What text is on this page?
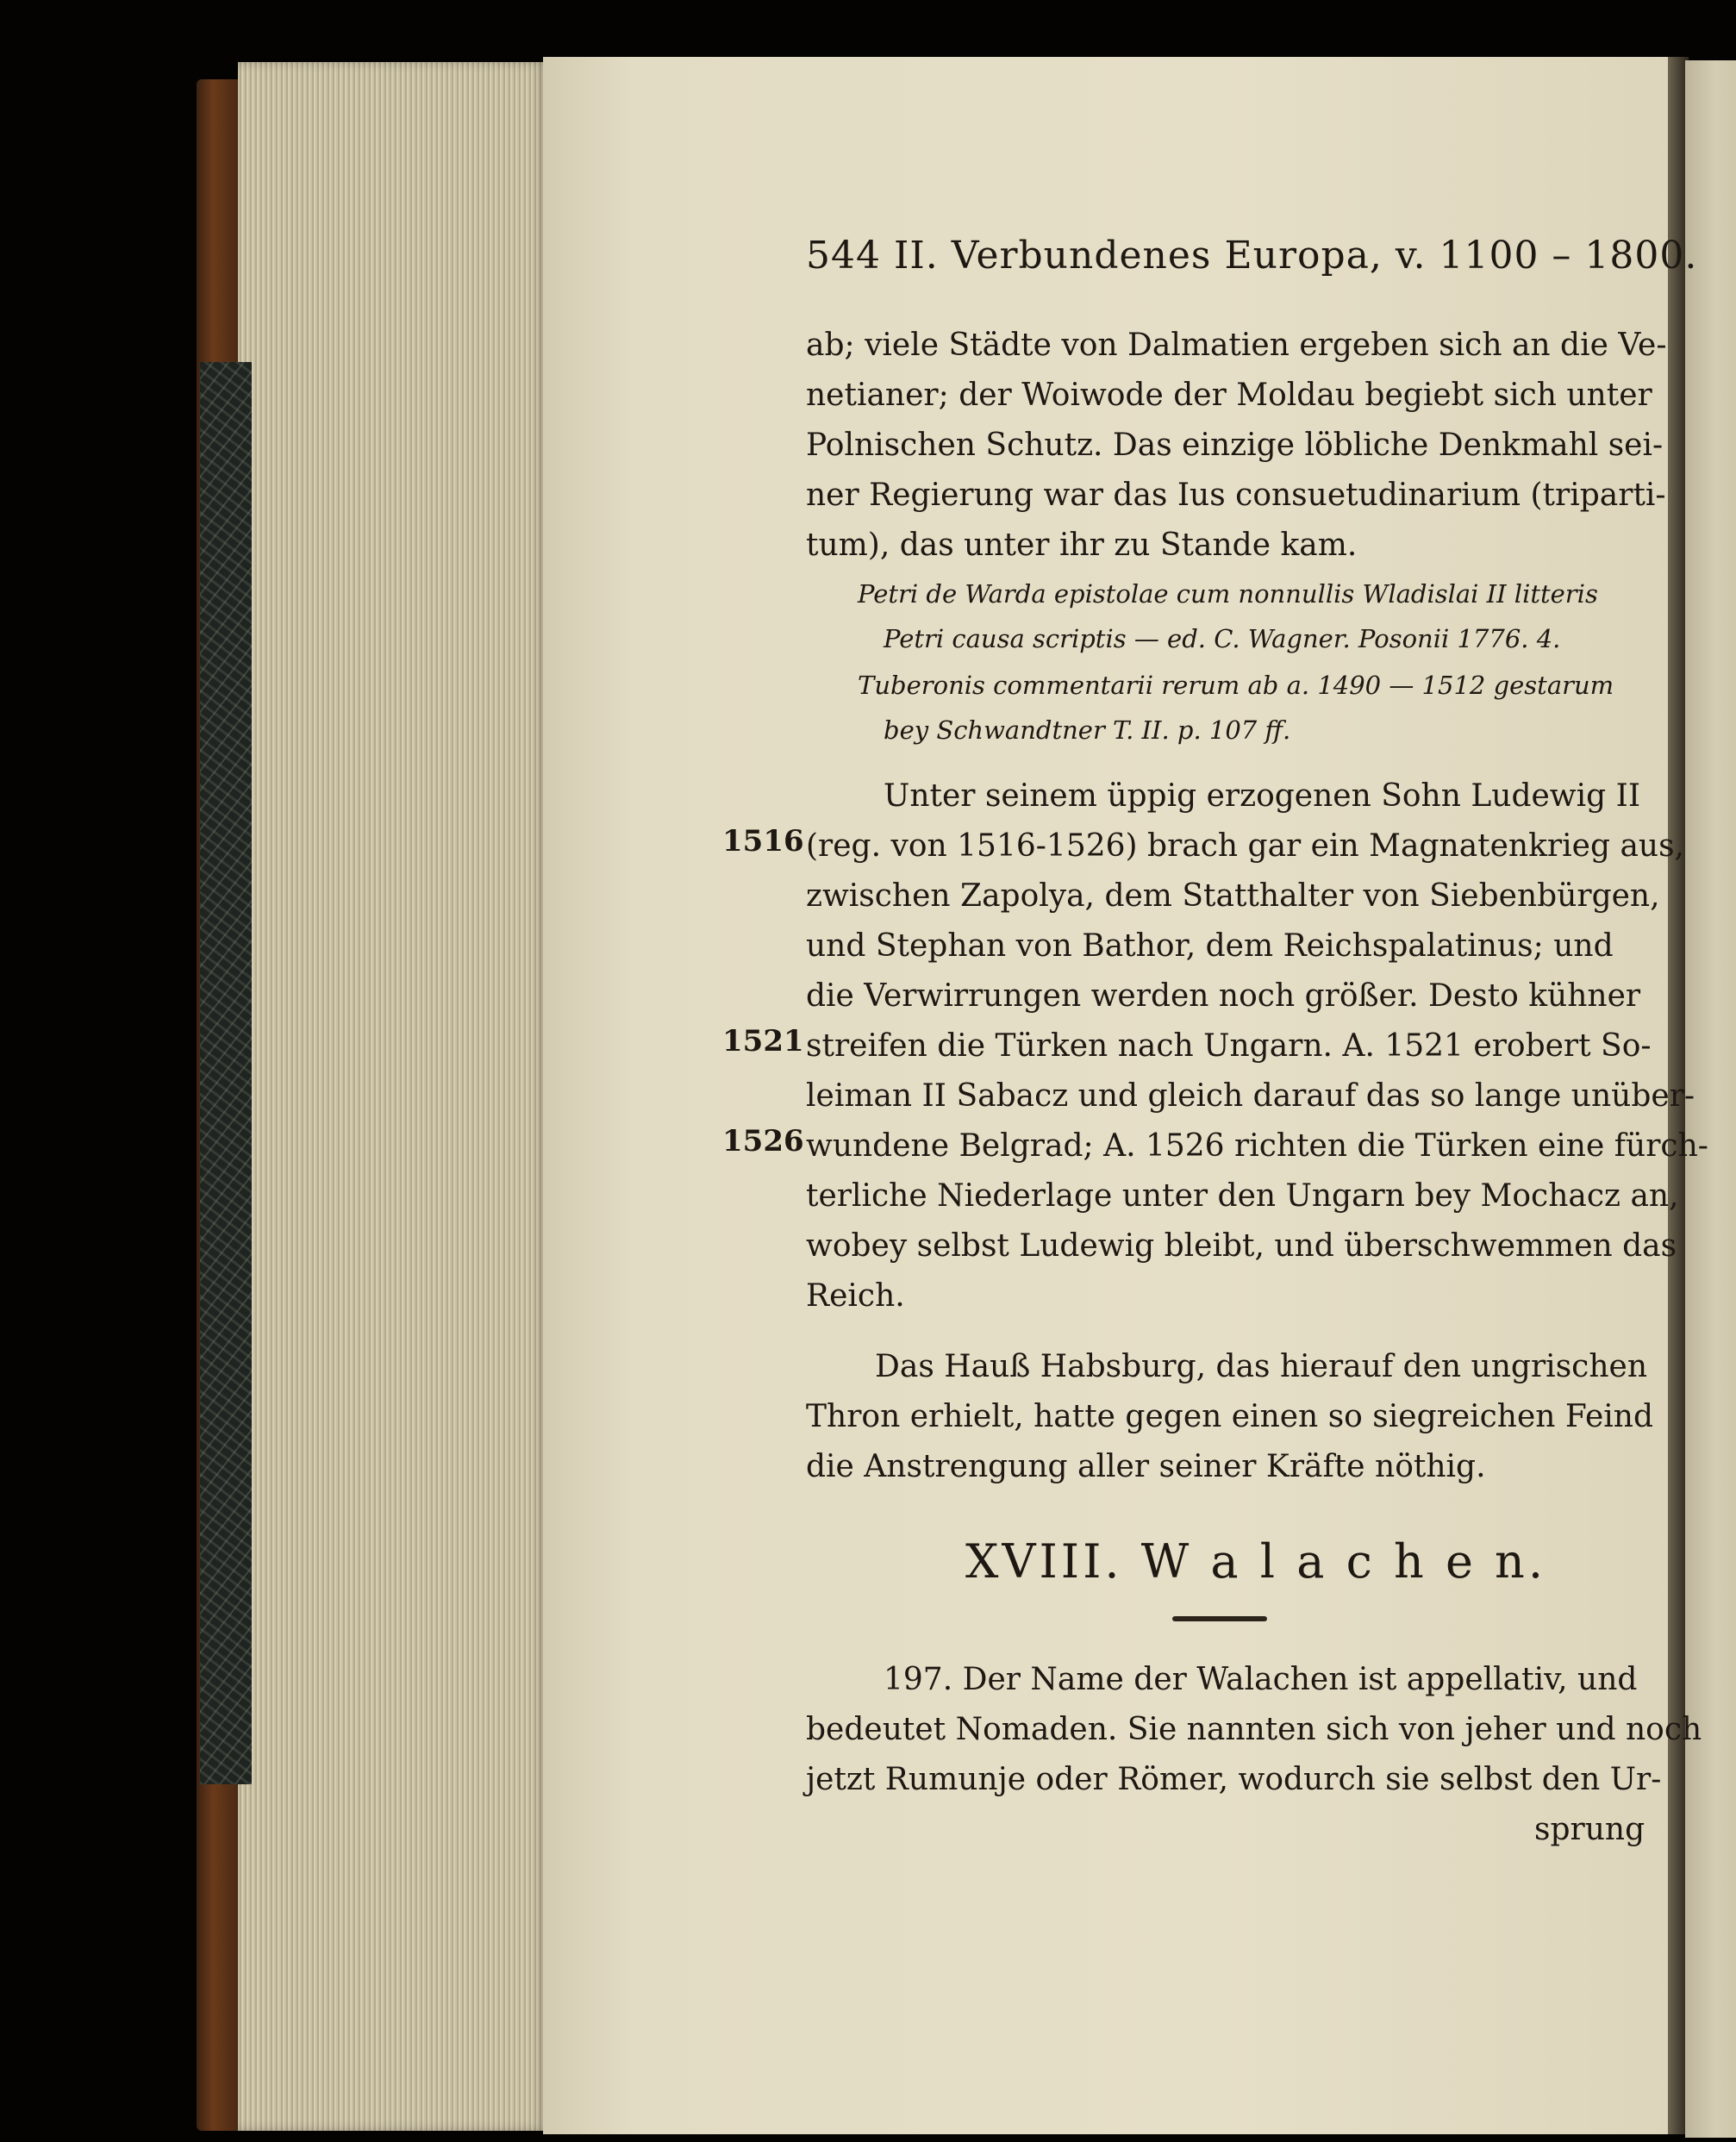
544 II. Verbundenes Europa, v. 1100 – 1800.

ab; viele Städte von Dalmatien ergeben sich an die Ve-

netianer; der Woiwode der Moldau begiebt sich unter

Polnischen Schutz. Das einzige löbliche Denkmahl sei-

ner Regierung war das Ius consuetudinarium (triparti-

tum), das unter ihr zu Stande kam.

Petri de Warda epistolae cum nonnullis Wladislai II litteris

Petri causa scriptis — ed. C. Wagner. Posonii 1776. 4.

Tuberonis commentarii rerum ab a. 1490 — 1512 gestarum

bey Schwandtner T. II. p. 107 ff.

Unter seinem üppig erzogenen Sohn Ludewig II

(reg. von 1516-1526) brach gar ein Magnatenkrieg aus,

zwischen Zapolya, dem Statthalter von Siebenbürgen,

und Stephan von Bathor, dem Reichspalatinus; und

die Verwirrungen werden noch größer. Desto kühner

streifen die Türken nach Ungarn. A. 1521 erobert So-

leiman II Sabacz und gleich darauf das so lange unüber-

wundene Belgrad; A. 1526 richten die Türken eine fürch-

terliche Niederlage unter den Ungarn bey Mochacz an,

wobey selbst Ludewig bleibt, und überschwemmen das

Reich.

1516
1521
1526

Das Hauß Habsburg, das hierauf den ungrischen

Thron erhielt, hatte gegen einen so siegreichen Feind

die Anstrengung aller seiner Kräfte nöthig.

XVIII. W a l a c h e n.

197. Der Name der Walachen ist appellativ, und

bedeutet Nomaden. Sie nannten sich von jeher und noch

jetzt Rumunje oder Römer, wodurch sie selbst den Ur-

sprung
